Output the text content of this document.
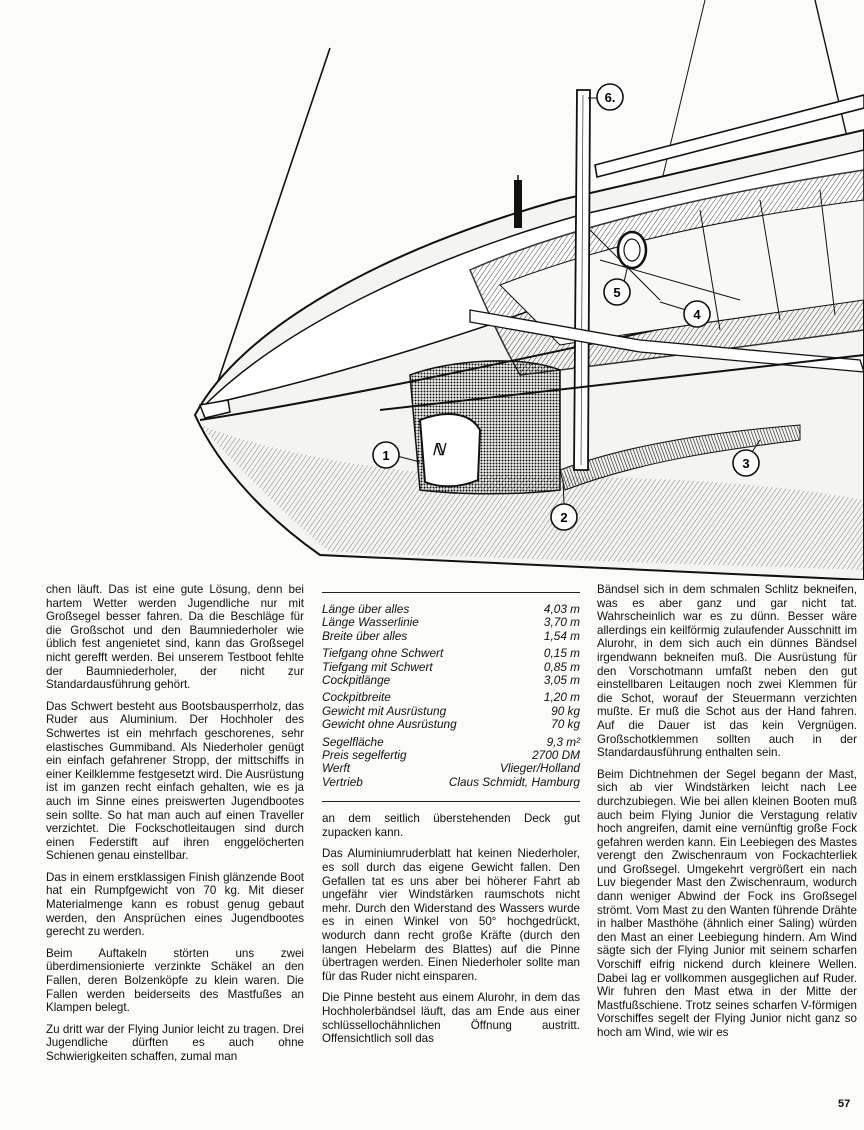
ℕ
6.
5
4
1
2
3

chen läuft. Das ist eine gute Lösung, denn bei hartem Wetter werden Jugendliche nur mit Großsegel besser fahren. Da die Beschläge für die Großschot und den Baumniederholer wie üblich fest angenietet sind, kann das Großsegel nicht gerefft werden. Bei unserem Testboot fehlte der Baumniederholer, der nicht zur Standardausführung gehört.

Das Schwert besteht aus Bootsbausperrholz, das Ruder aus Aluminium. Der Hochholer des Schwertes ist ein mehrfach geschorenes, sehr elastisches Gummiband. Als Niederholer genügt ein einfach gefahrener Stropp, der mittschiffs in einer Keilklemme festgesetzt wird. Die Ausrüstung ist im ganzen recht einfach gehalten, wie es ja auch im Sinne eines preiswerten Jugendbootes sein sollte. So hat man auch auf einen Traveller verzichtet. Die Fockschotleitaugen sind durch einen Federstift auf ihren enggelöcherten Schienen genau einstellbar.

Das in einem erstklassigen Finish glänzende Boot hat ein Rumpfgewicht von 70 kg. Mit dieser Materialmenge kann es robust genug gebaut werden, den Ansprüchen eines Jugendbootes gerecht zu werden.

Beim Auftakeln störten uns zwei überdimensionierte verzinkte Schäkel an den Fallen, deren Bolzenköpfe zu klein waren. Die Fallen werden beiderseits des Mastfußes an Klampen belegt.

Zu dritt war der Flying Junior leicht zu tragen. Drei Jugendliche dürften es auch ohne Schwierigkeiten schaffen, zumal man

Länge über alles	4,03 m
Länge Wasserlinie	3,70 m
Breite über alles	1,54 m
Tiefgang ohne Schwert	0,15 m
Tiefgang mit Schwert	0,85 m
Cockpitlänge	3,05 m
Cockpitbreite	1,20 m
Gewicht mit Ausrüstung	90 kg
Gewicht ohne Ausrüstung	70 kg
Segelfläche	9,3 m²
Preis segelfertig	2700 DM
Werft	Vlieger/Holland
Vertrieb	Claus Schmidt, Hamburg

an dem seitlich überstehenden Deck gut zupacken kann.

Das Aluminiumruderblatt hat keinen Niederholer, es soll durch das eigene Gewicht fallen. Den Gefallen tat es uns aber bei höherer Fahrt ab ungefähr vier Windstärken raumschots nicht mehr. Durch den Widerstand des Wassers wurde es in einen Winkel von 50° hochgedrückt, wodurch dann recht große Kräfte (durch den langen Hebelarm des Blattes) auf die Pinne übertragen werden. Einen Niederholer sollte man für das Ruder nicht einsparen.

Die Pinne besteht aus einem Alurohr, in dem das Hochholerbändsel läuft, das am Ende aus einer schlüssellochähnlichen Öffnung austritt. Offensichtlich soll das

Bändsel sich in dem schmalen Schlitz bekneifen, was es aber ganz und gar nicht tat. Wahrscheinlich war es zu dünn. Besser wäre allerdings ein keilförmig zulaufender Ausschnitt im Alurohr, in dem sich auch ein dünnes Bändsel irgendwann bekneifen muß. Die Ausrüstung für den Vorschotmann umfaßt neben den gut einstellbaren Leitaugen noch zwei Klemmen für die Schot, worauf der Steuermann verzichten mußte. Er muß die Schot aus der Hand fahren. Auf die Dauer ist das kein Vergnügen. Großschotklemmen sollten auch in der Standardausführung enthalten sein.

Beim Dichtnehmen der Segel begann der Mast, sich ab vier Windstärken leicht nach Lee durchzubiegen. Wie bei allen kleinen Booten muß auch beim Flying Junior die Verstagung relativ hoch angreifen, damit eine vernünftig große Fock gefahren werden kann. Ein Leebiegen des Mastes verengt den Zwischenraum von Fockachterliek und Großsegel. Umgekehrt vergrößert ein nach Luv biegender Mast den Zwischenraum, wodurch dann weniger Abwind der Fock ins Großsegel strömt. Vom Mast zu den Wanten führende Drähte in halber Masthöhe (ähnlich einer Saling) würden den Mast an einer Leebiegung hindern. Am Wind sägte sich der Flying Junior mit seinem scharfen Vorschiff eifrig nickend durch kleinere Wellen. Dabei lag er vollkommen ausgeglichen auf Ruder. Wir fuhren den Mast etwa in der Mitte der Mastfußschiene. Trotz seines scharfen V-förmigen Vorschiffes segelt der Flying Junior nicht ganz so hoch am Wind, wie wir es

57
